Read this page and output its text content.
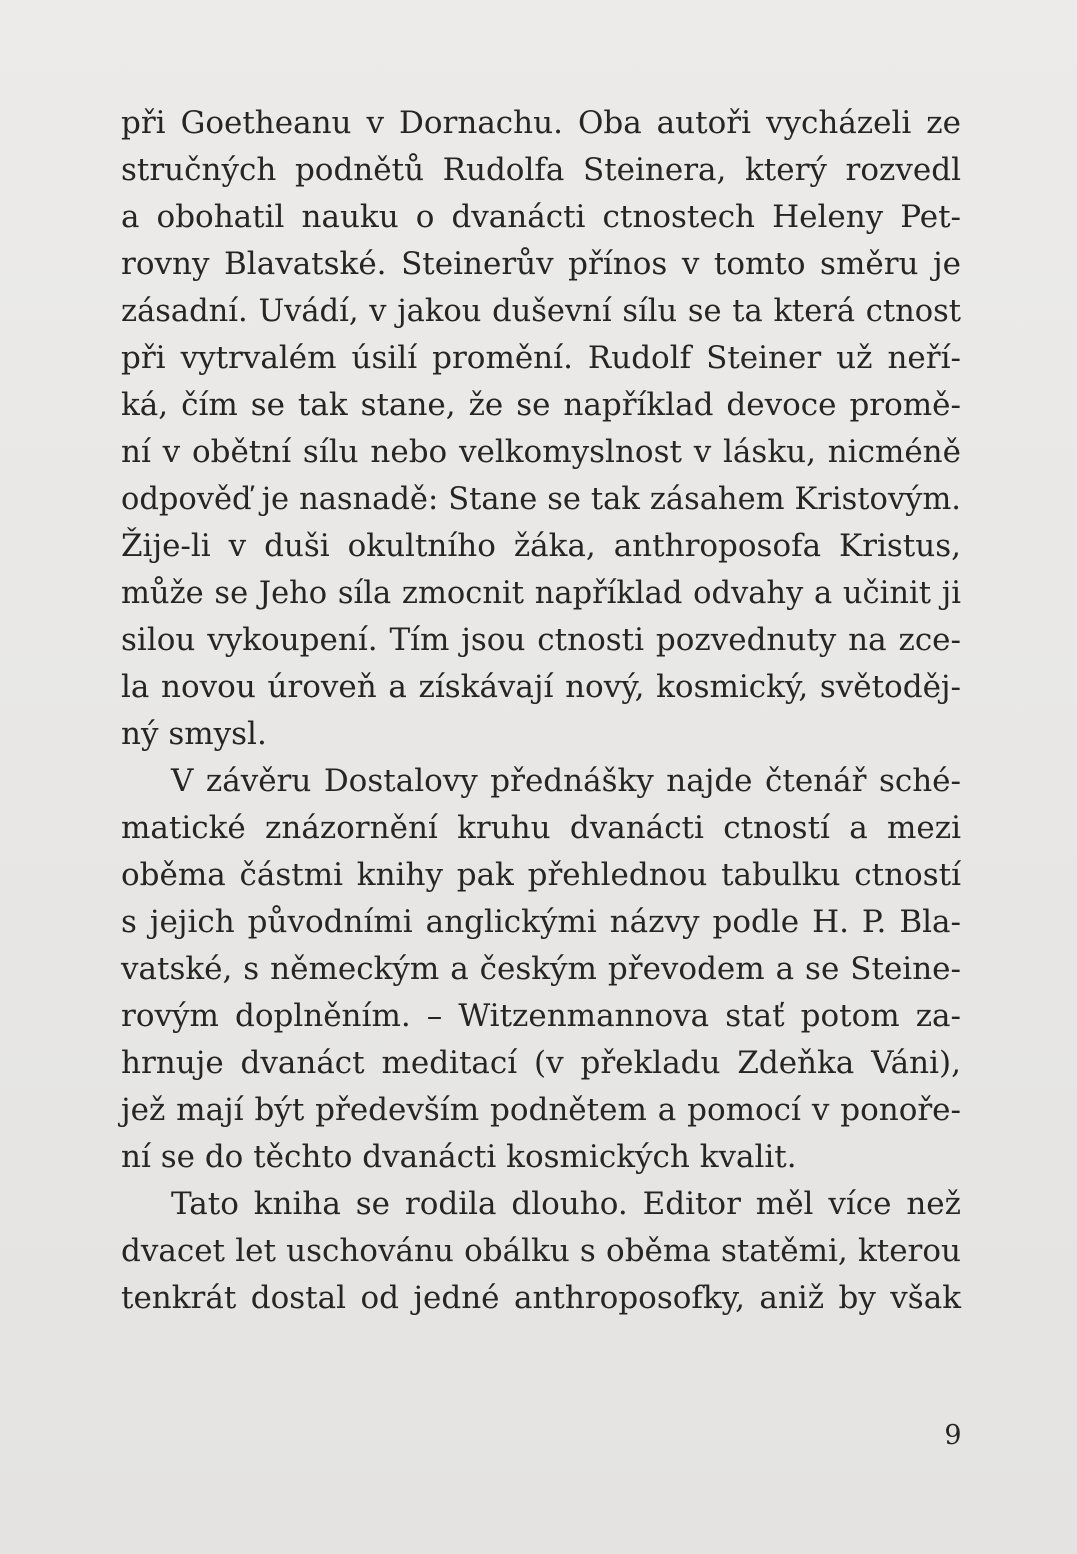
při Goetheanu v Dornachu. Oba autoři vycházeli ze
stručných podnětů Rudolfa Steinera, který rozvedl
a obohatil nauku o dvanácti ctnostech Heleny Pet-
rovny Blavatské. Steinerův přínos v tomto směru je
zásadní. Uvádí, v jakou duševní sílu se ta která ctnost
při vytrvalém úsilí promění. Rudolf Steiner už neří-
ká, čím se tak stane, že se například devoce promě-
ní v obětní sílu nebo velkomyslnost v lásku, nicméně
odpověď je nasnadě: Stane se tak zásahem Kristovým.
Žije-li v duši okultního žáka, anthroposofa Kristus,
může se Jeho síla zmocnit například odvahy a učinit ji
silou vykoupení. Tím jsou ctnosti pozvednuty na zce-
la novou úroveň a získávají nový, kosmický, světoděj-
ný smysl.
V závěru Dostalovy přednášky najde čtenář sché-
matické znázornění kruhu dvanácti ctností a mezi
oběma částmi knihy pak přehlednou tabulku ctností
s jejich původními anglickými názvy podle H. P. Bla-
vatské, s německým a českým převodem a se Steine-
rovým doplněním. – Witzenmannova stať potom za-
hrnuje dvanáct meditací (v překladu Zdeňka Váni),
jež mají být především podnětem a pomocí v ponoře-
ní se do těchto dvanácti kosmických kvalit.
Tato kniha se rodila dlouho. Editor měl více než
dvacet let uschovánu obálku s oběma statěmi, kterou
tenkrát dostal od jedné anthroposofky, aniž by však
9
